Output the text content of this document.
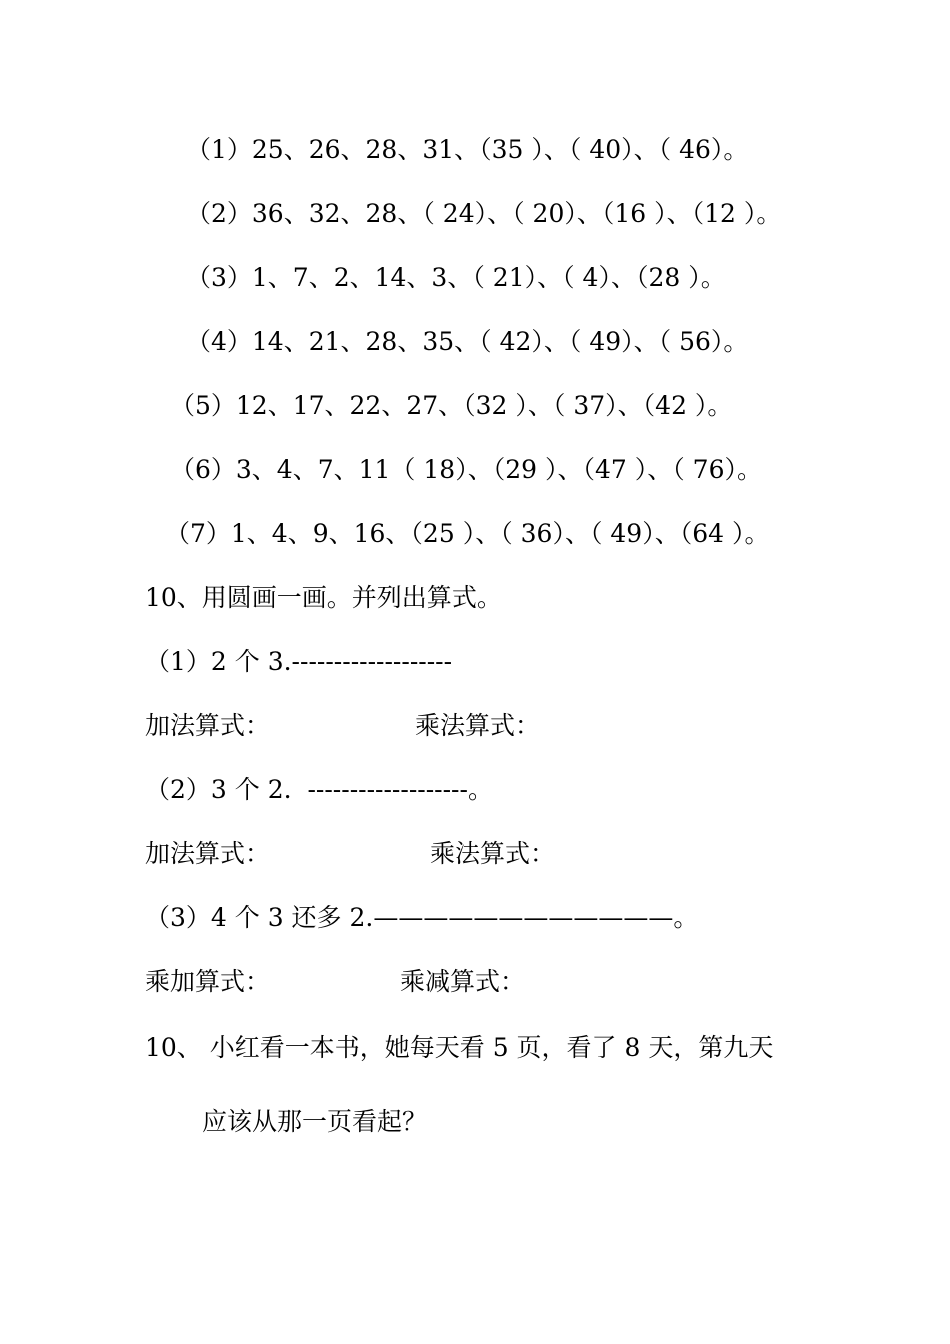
（1）25、26、28、31、（35 ）、（ 40）、（ 46）。
（2）36、32、28、（ 24）、（ 20）、（16 ）、（12 ）。
（3）1、7、2、14、3、（ 21）、（ 4）、（28 ）。
（4）14、21、28、35、（ 42）、（ 49）、（ 56）。
（5）12、17、22、27、（32 ）、（ 37）、（42 ）。
（6）3、4、7、11（ 18）、（29 ）、（47 ）、（ 76）。
（7）1、4、9、16、（25 ）、（ 36）、（ 49）、（64 ）。
10、用圆画一画。并列出算式。
（1）2 个 3.-------------------
加法算式：	乘法算式：
（2）3 个 2.  -------------------。
加法算式：	乘法算式：
（3）4 个 3 还多 2.————————————。
乘加算式：	乘减算式：
10、 小红看一本书，她每天看 5 页，看了 8 天，第九天
应该从那一页看起？
